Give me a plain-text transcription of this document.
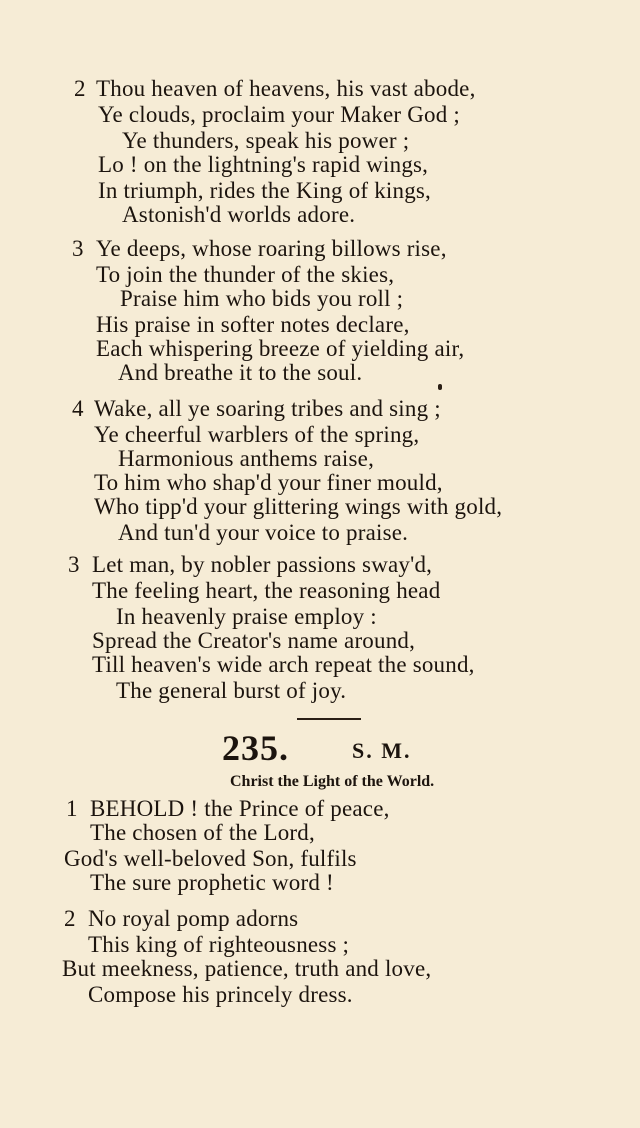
2 Thou heaven of heavens, his vast abode,
Ye clouds, proclaim your Maker God ;
Ye thunders, speak his power ;
Lo ! on the lightning's rapid wings,
In triumph, rides the King of kings,
Astonish'd worlds adore.
3 Ye deeps, whose roaring billows rise,
To join the thunder of the skies,
Praise him who bids you roll ;
His praise in softer notes declare,
Each whispering breeze of yielding air,
And breathe it to the soul.
4 Wake, all ye soaring tribes and sing ;
Ye cheerful warblers of the spring,
Harmonious anthems raise,
To him who shap'd your finer mould,
Who tipp'd your glittering wings with gold,
And tun'd your voice to praise.
3 Let man, by nobler passions sway'd,
The feeling heart, the reasoning head
In heavenly praise employ :
Spread the Creator's name around,
Till heaven's wide arch repeat the sound,
The general burst of joy.
235.	S. M.
Christ the Light of the World.
1 BEHOLD ! the Prince of peace,
The chosen of the Lord,
God's well-beloved Son, fulfils
The sure prophetic word !
2 No royal pomp adorns
This king of righteousness ;
But meekness, patience, truth and love,
Compose his princely dress.
